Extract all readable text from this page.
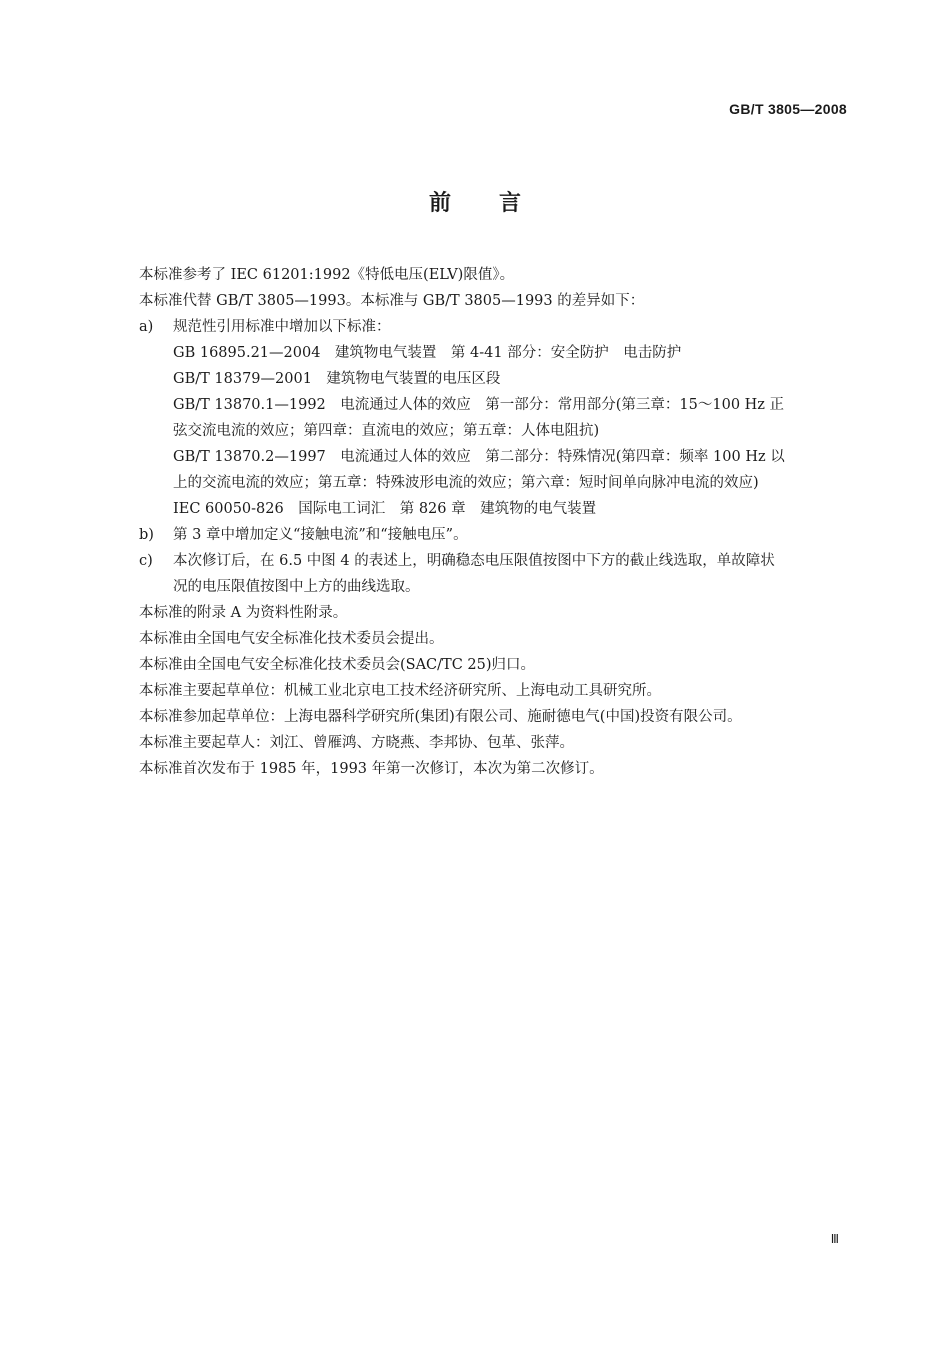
GB/T 3805—2008
前言
本标准参考了 IEC 61201:1992《特低电压(ELV)限值》。
本标准代替 GB/T 3805—1993。本标准与 GB/T 3805—1993 的差异如下：
a) 规范性引用标准中增加以下标准：
GB 16895.21—2004　建筑物电气装置　第 4-41 部分：安全防护　电击防护
GB/T 18379—2001　建筑物电气装置的电压区段
GB/T 13870.1—1992　电流通过人体的效应　第一部分：常用部分(第三章：15～100 Hz 正
弦交流电流的效应；第四章：直流电的效应；第五章：人体电阻抗)
GB/T 13870.2—1997　电流通过人体的效应　第二部分：特殊情况(第四章：频率 100 Hz 以
上的交流电流的效应；第五章：特殊波形电流的效应；第六章：短时间单向脉冲电流的效应)
IEC 60050-826　国际电工词汇　第 826 章　建筑物的电气装置
b) 第 3 章中增加定义“接触电流”和“接触电压”。
c) 本次修订后，在 6.5 中图 4 的表述上，明确稳态电压限值按图中下方的截止线选取，单故障状
况的电压限值按图中上方的曲线选取。
本标准的附录 A 为资料性附录。
本标准由全国电气安全标准化技术委员会提出。
本标准由全国电气安全标准化技术委员会(SAC/TC 25)归口。
本标准主要起草单位：机械工业北京电工技术经济研究所、上海电动工具研究所。
本标准参加起草单位：上海电器科学研究所(集团)有限公司、施耐德电气(中国)投资有限公司。
本标准主要起草人：刘江、曾雁鸿、方晓燕、李邦协、包革、张萍。
本标准首次发布于 1985 年，1993 年第一次修订，本次为第二次修订。
Ⅲ
